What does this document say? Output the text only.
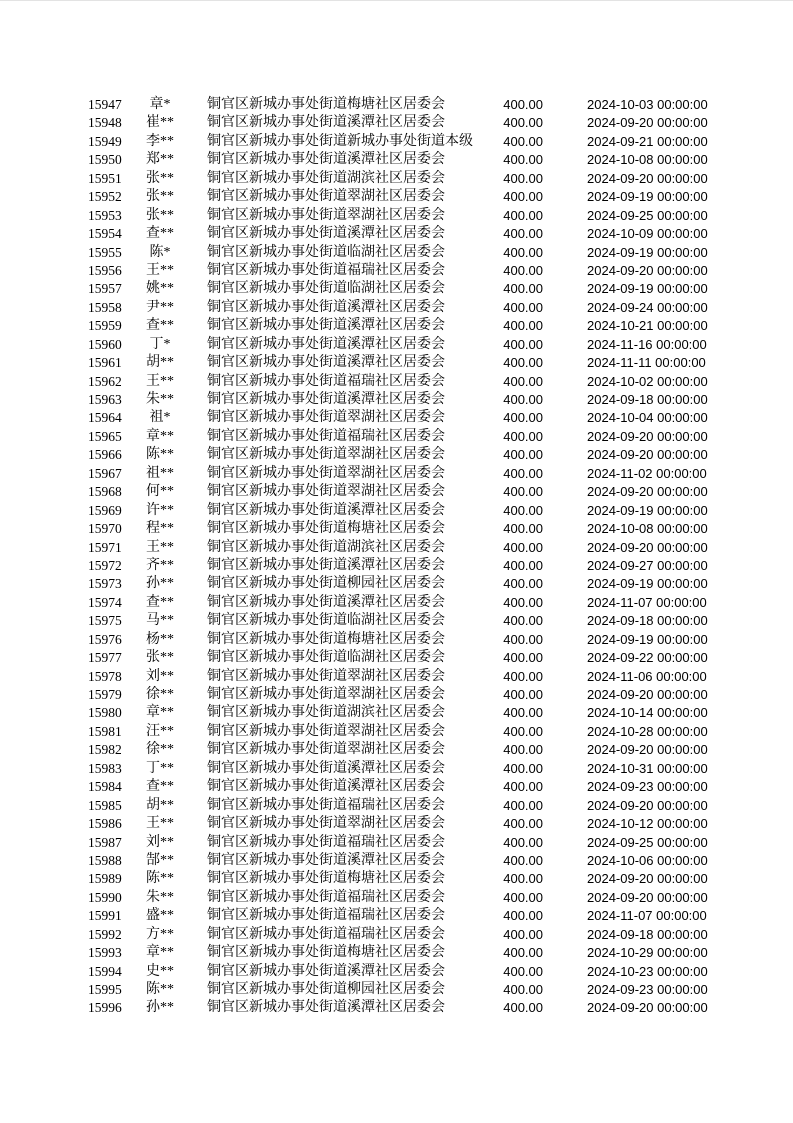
15947	章*	铜官区新城办事处街道梅塘社区居委会	400.00	2024-10-03 00:00:00
15948	崔**	铜官区新城办事处街道溪潭社区居委会	400.00	2024-09-20 00:00:00
15949	李**	铜官区新城办事处街道新城办事处街道本级	400.00	2024-09-21 00:00:00
15950	郑**	铜官区新城办事处街道溪潭社区居委会	400.00	2024-10-08 00:00:00
15951	张**	铜官区新城办事处街道湖滨社区居委会	400.00	2024-09-20 00:00:00
15952	张**	铜官区新城办事处街道翠湖社区居委会	400.00	2024-09-19 00:00:00
15953	张**	铜官区新城办事处街道翠湖社区居委会	400.00	2024-09-25 00:00:00
15954	查**	铜官区新城办事处街道溪潭社区居委会	400.00	2024-10-09 00:00:00
15955	陈*	铜官区新城办事处街道临湖社区居委会	400.00	2024-09-19 00:00:00
15956	王**	铜官区新城办事处街道福瑞社区居委会	400.00	2024-09-20 00:00:00
15957	姚**	铜官区新城办事处街道临湖社区居委会	400.00	2024-09-19 00:00:00
15958	尹**	铜官区新城办事处街道溪潭社区居委会	400.00	2024-09-24 00:00:00
15959	查**	铜官区新城办事处街道溪潭社区居委会	400.00	2024-10-21 00:00:00
15960	丁*	铜官区新城办事处街道溪潭社区居委会	400.00	2024-11-16 00:00:00
15961	胡**	铜官区新城办事处街道溪潭社区居委会	400.00	2024-11-11 00:00:00
15962	王**	铜官区新城办事处街道福瑞社区居委会	400.00	2024-10-02 00:00:00
15963	朱**	铜官区新城办事处街道溪潭社区居委会	400.00	2024-09-18 00:00:00
15964	祖*	铜官区新城办事处街道翠湖社区居委会	400.00	2024-10-04 00:00:00
15965	章**	铜官区新城办事处街道福瑞社区居委会	400.00	2024-09-20 00:00:00
15966	陈**	铜官区新城办事处街道翠湖社区居委会	400.00	2024-09-20 00:00:00
15967	祖**	铜官区新城办事处街道翠湖社区居委会	400.00	2024-11-02 00:00:00
15968	何**	铜官区新城办事处街道翠湖社区居委会	400.00	2024-09-20 00:00:00
15969	许**	铜官区新城办事处街道溪潭社区居委会	400.00	2024-09-19 00:00:00
15970	程**	铜官区新城办事处街道梅塘社区居委会	400.00	2024-10-08 00:00:00
15971	王**	铜官区新城办事处街道湖滨社区居委会	400.00	2024-09-20 00:00:00
15972	齐**	铜官区新城办事处街道溪潭社区居委会	400.00	2024-09-27 00:00:00
15973	孙**	铜官区新城办事处街道柳园社区居委会	400.00	2024-09-19 00:00:00
15974	查**	铜官区新城办事处街道溪潭社区居委会	400.00	2024-11-07 00:00:00
15975	马**	铜官区新城办事处街道临湖社区居委会	400.00	2024-09-18 00:00:00
15976	杨**	铜官区新城办事处街道梅塘社区居委会	400.00	2024-09-19 00:00:00
15977	张**	铜官区新城办事处街道临湖社区居委会	400.00	2024-09-22 00:00:00
15978	刘**	铜官区新城办事处街道翠湖社区居委会	400.00	2024-11-06 00:00:00
15979	徐**	铜官区新城办事处街道翠湖社区居委会	400.00	2024-09-20 00:00:00
15980	章**	铜官区新城办事处街道湖滨社区居委会	400.00	2024-10-14 00:00:00
15981	汪**	铜官区新城办事处街道翠湖社区居委会	400.00	2024-10-28 00:00:00
15982	徐**	铜官区新城办事处街道翠湖社区居委会	400.00	2024-09-20 00:00:00
15983	丁**	铜官区新城办事处街道溪潭社区居委会	400.00	2024-10-31 00:00:00
15984	查**	铜官区新城办事处街道溪潭社区居委会	400.00	2024-09-23 00:00:00
15985	胡**	铜官区新城办事处街道福瑞社区居委会	400.00	2024-09-20 00:00:00
15986	王**	铜官区新城办事处街道翠湖社区居委会	400.00	2024-10-12 00:00:00
15987	刘**	铜官区新城办事处街道福瑞社区居委会	400.00	2024-09-25 00:00:00
15988	郜**	铜官区新城办事处街道溪潭社区居委会	400.00	2024-10-06 00:00:00
15989	陈**	铜官区新城办事处街道梅塘社区居委会	400.00	2024-09-20 00:00:00
15990	朱**	铜官区新城办事处街道福瑞社区居委会	400.00	2024-09-20 00:00:00
15991	盛**	铜官区新城办事处街道福瑞社区居委会	400.00	2024-11-07 00:00:00
15992	方**	铜官区新城办事处街道福瑞社区居委会	400.00	2024-09-18 00:00:00
15993	章**	铜官区新城办事处街道梅塘社区居委会	400.00	2024-10-29 00:00:00
15994	史**	铜官区新城办事处街道溪潭社区居委会	400.00	2024-10-23 00:00:00
15995	陈**	铜官区新城办事处街道柳园社区居委会	400.00	2024-09-23 00:00:00
15996	孙**	铜官区新城办事处街道溪潭社区居委会	400.00	2024-09-20 00:00:00
